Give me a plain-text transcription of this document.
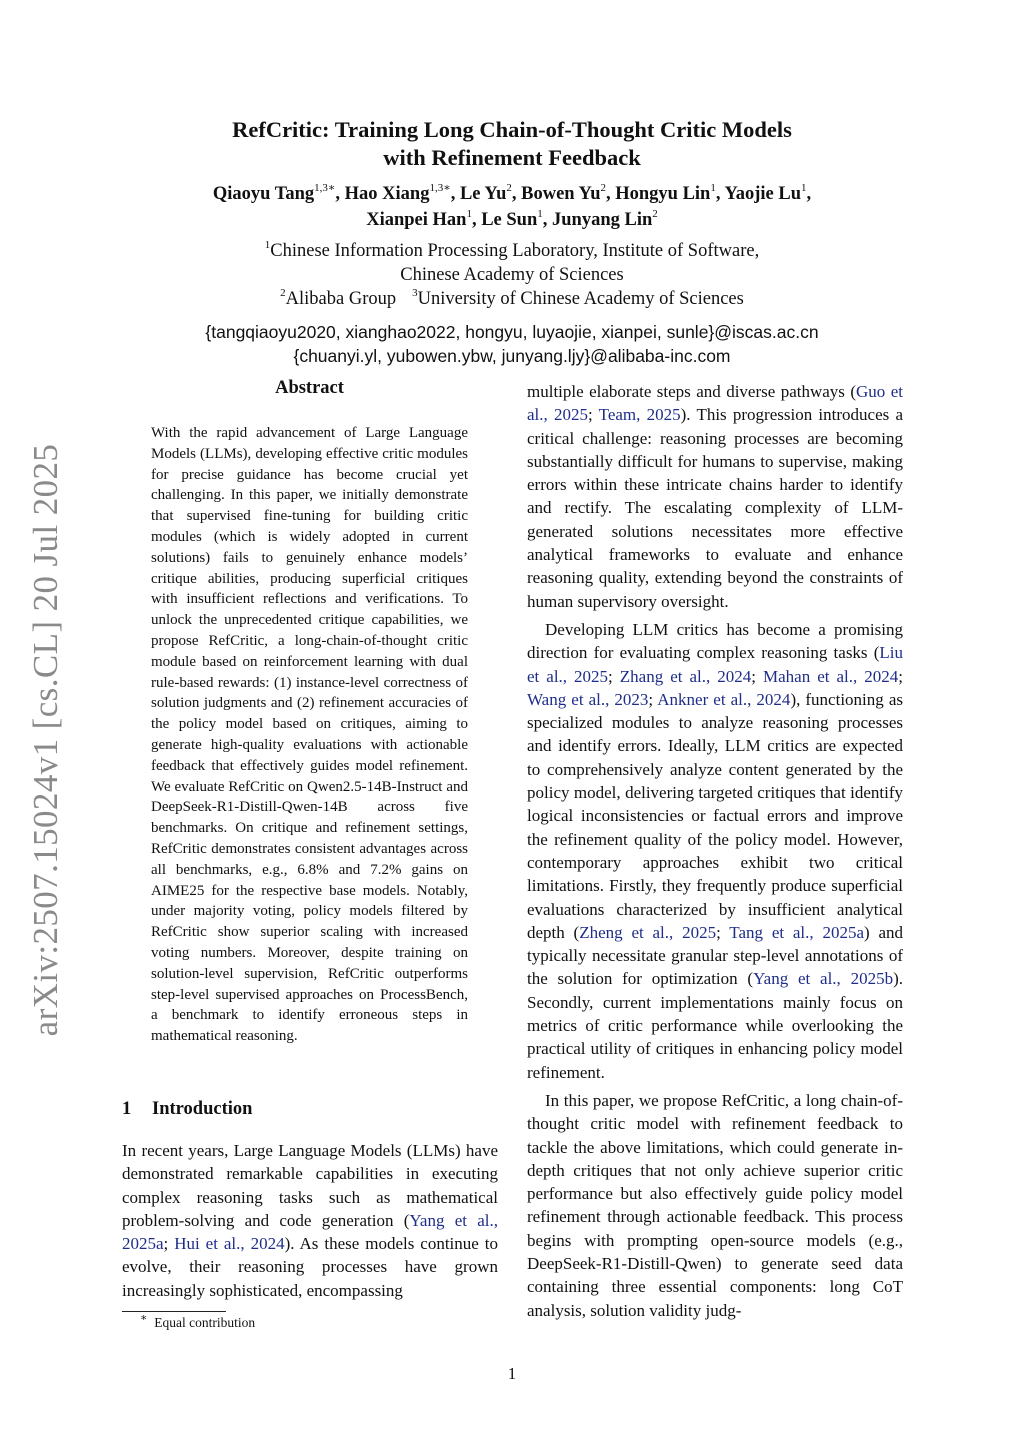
arXiv:2507.15024v1 [cs.CL] 20 Jul 2025
RefCritic: Training Long Chain-of-Thought Critic Models
with Refinement Feedback
Qiaoyu Tang$^{1,3∗}$, Hao Xiang$^{1,3∗}$, Le Yu$^2$, Bowen Yu$^2$, Hongyu Lin$^1$, Yaojie Lu$^1$,
Xianpei Han$^1$, Le Sun$^1$, Junyang Lin$^2$
$^1$Chinese Information Processing Laboratory, Institute of Software,
Chinese Academy of Sciences
$^2$Alibaba Group $^3$University of Chinese Academy of Sciences
{tangqiaoyu2020, xianghao2022, hongyu, luyaojie, xianpei, sunle}@iscas.ac.cn
{chuanyi.yl, yubowen.ybw, junyang.ljy}@alibaba-inc.com
Abstract
With the rapid advancement of Large Language Models (LLMs), developing effective critic modules for precise guidance has become crucial yet challenging. In this paper, we initially demonstrate that supervised fine-tuning for building critic modules (which is widely adopted in current solutions) fails to genuinely enhance models’ critique abilities, producing superficial critiques with insufficient reflections and verifications. To unlock the unprecedented critique capabilities, we propose RefCritic, a long-chain-of-thought critic module based on reinforcement learning with dual rule-based rewards: (1) instance-level correctness of solution judgments and (2) refinement accuracies of the policy model based on critiques, aiming to generate high-quality evaluations with actionable feedback that effectively guides model refinement. We evaluate RefCritic on Qwen2.5-14B-Instruct and DeepSeek-R1-Distill-Qwen-14B across five benchmarks. On critique and refinement settings, RefCritic demonstrates consistent advantages across all benchmarks, e.g., 6.8% and 7.2% gains on AIME25 for the respective base models. Notably, under majority voting, policy models filtered by RefCritic show superior scaling with increased voting numbers. Moreover, despite training on solution-level supervision, RefCritic outperforms step-level supervised approaches on ProcessBench, a benchmark to identify erroneous steps in mathematical reasoning.
1 Introduction
In recent years, Large Language Models (LLMs) have demonstrated remarkable capabilities in executing complex reasoning tasks such as mathematical problem-solving and code generation (Yang et al., 2025a; Hui et al., 2024). As these models continue to evolve, their reasoning processes have grown increasingly sophisticated, encompassing

multiple elaborate steps and diverse pathways (Guo et al., 2025; Team, 2025). This progression introduces a critical challenge: reasoning processes are becoming substantially difficult for humans to supervise, making errors within these intricate chains harder to identify and rectify. The escalating complexity of LLM-generated solutions necessitates more effective analytical frameworks to evaluate and enhance reasoning quality, extending beyond the constraints of human supervisory oversight.

Developing LLM critics has become a promising direction for evaluating complex reasoning tasks (Liu et al., 2025; Zhang et al., 2024; Mahan et al., 2024; Wang et al., 2023; Ankner et al., 2024), functioning as specialized modules to analyze reasoning processes and identify errors. Ideally, LLM critics are expected to comprehensively analyze content generated by the policy model, delivering targeted critiques that identify logical inconsistencies or factual errors and improve the refinement quality of the policy model. However, contemporary approaches exhibit two critical limitations. Firstly, they frequently produce superficial evaluations characterized by insufficient analytical depth (Zheng et al., 2025; Tang et al., 2025a) and typically necessitate granular step-level annotations of the solution for optimization (Yang et al., 2025b). Secondly, current implementations mainly focus on metrics of critic performance while overlooking the practical utility of critiques in enhancing policy model refinement.

In this paper, we propose RefCritic, a long chain-of-thought critic model with refinement feedback to tackle the above limitations, which could generate in-depth critiques that not only achieve superior critic performance but also effectively guide policy model refinement through actionable feedback. This process begins with prompting open-source models (e.g., DeepSeek-R1-Distill-Qwen) to generate seed data containing three essential components: long CoT analysis, solution validity judg-

∗ Equal contribution
1
